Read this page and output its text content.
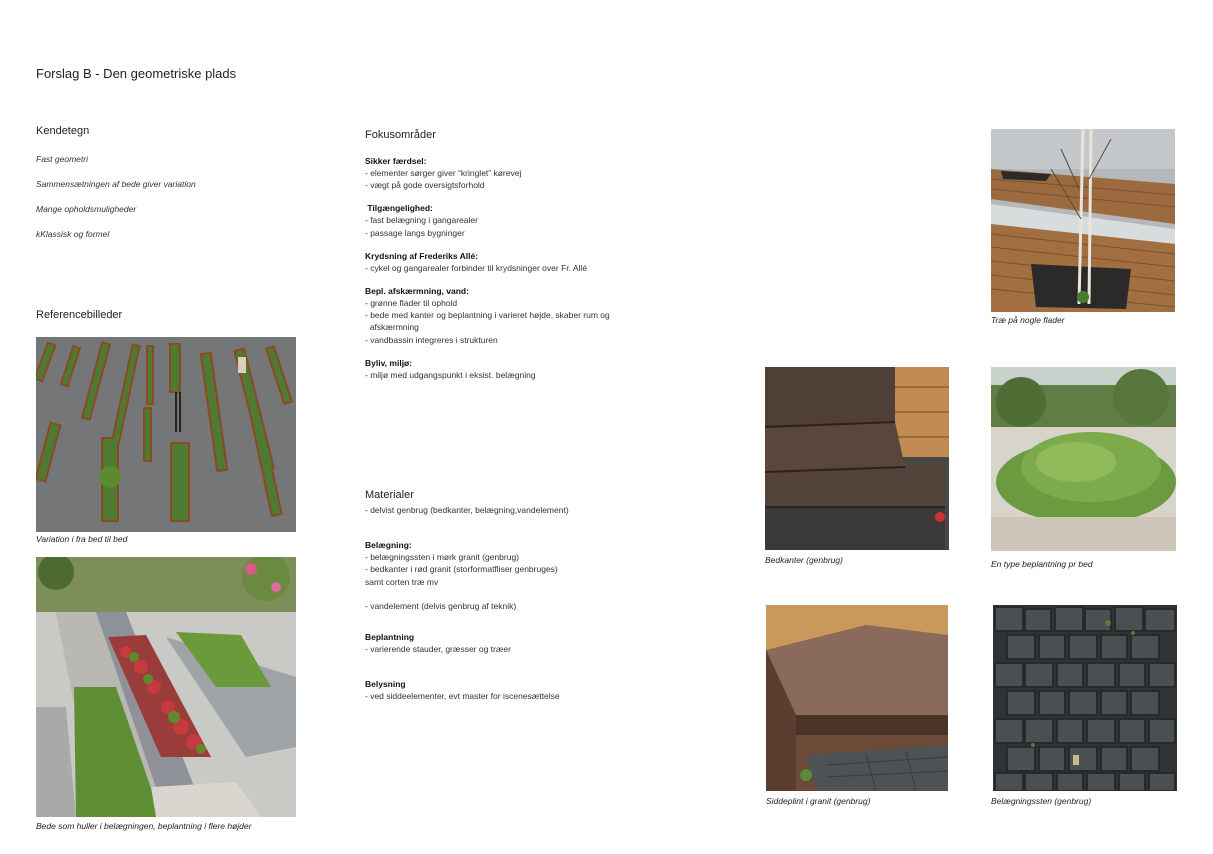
Forslag B - Den geometriske plads
Kendetegn
Fast geometri
Sammensætningen af bede giver variation
Mange opholdsmuligheder
kKlassisk og formel
Referencebilleder
Variation i fra bed til bed
Bede som huller i belægningen, beplantning i flere højder
Fokusområder
Sikker færdsel:
- elementer sørger giver “kringlet” kørevej
- vægt på gode oversigtsforhold
Tilgængelighed:
- fast belægning i gangarealer
- passage langs bygninger
Krydsning af Frederiks Allé:
- cykel og gangarealer forbinder til krydsninger over Fr. Allé
Bepl. afskærmning, vand:
- grønne flader til ophold
- bede med kanter og beplantning i varieret højde, skaber rum og
afskærmning
- vandbassin integreres i strukturen
Byliv, miljø:
- miljø med udgangspunkt i eksist. belægning
Materialer
- delvist genbrug (bedkanter, belægning,vandelement)
Belægning:
- belægningssten i mørk granit (genbrug)
- bedkanter i rød granit (storformatfliser genbruges)
samt corten træ mv
- vandelement (delvis genbrug af teknik)
Beplantning
- varierende stauder, græsser og træer
Belysning
- ved siddeelementer, evt master for iscenesættelse
Træ på nogle flader
Bedkanter (genbrug)	En type beplantning pr bed
Siddeplint i granit (genbrug)	Belægningssten (genbrug)
